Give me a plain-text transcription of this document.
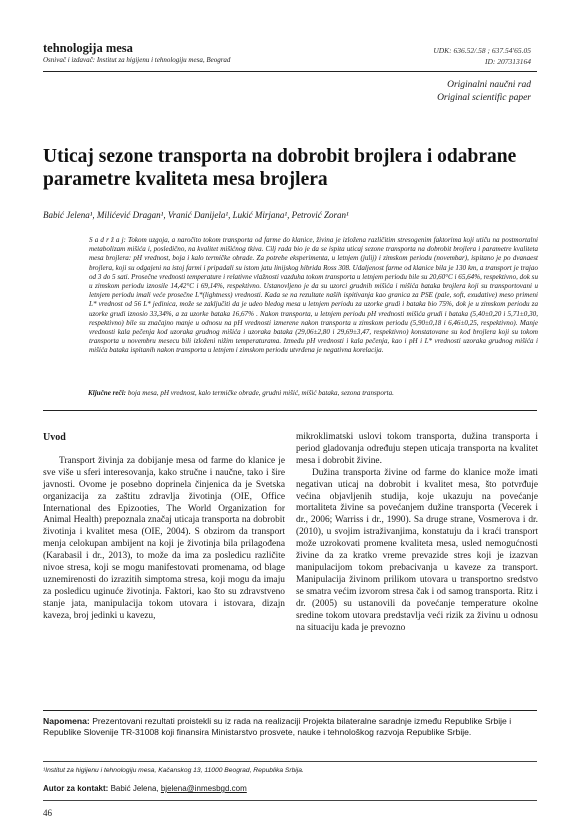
tehnologija mesa
Osnivač i izdavač: Institut za higijenu i tehnologiju mesa, Beograd
UDK: 636.52/.58 ; 637.54'65.05
ID: 207313164
Originalni naučni rad
Original scientific paper
Uticaj sezone transporta na dobrobit brojlera i odabrane parametre kvaliteta mesa brojlera
Babić Jelena¹, Milićević Dragan¹, Vranić Danijela¹, Lukić Mirjana¹, Petrović Zoran¹
S a d r ž a j: Tokom uzgoja, a naročito tokom transporta od farme do klanice, živina je izložena različitim stresogenim faktorima koji utiču na postmortalni metabolizam mišića i, posledično, na kvalitet mišićnog tkiva. Cilj rada bio je da se ispita uticaj sezone transporta na dobrobit brojlera i parametre kvaliteta mesa brojlera: pH vrednost, boja i kalo termičke obrade. Za potrebe eksperimenta, u letnjem (julij) i zimskom periodu (novembar), ispitano je po dvanaest brojlera, koji su odgajeni na istoj farmi i pripadali su istom jatu linijskog hibrida Ross 308. Udaljenost farme od klanice bila je 130 km, a transport je trajao od 3 do 5 sati. Prosečne vrednosti temperature i relativne vlažnosti vazduha tokom transporta u letnjem periodu bile su 20,60°C i 65,64%, respektivno, dok su u zimskom periodu iznosile 14,42°C i 69,14%, respektivno. Ustanovljeno je da su uzorci grudnih mišića i mišića bataka brojlera koji su transportovani u letnjem periodu imali veće prosečne L*(lightness) vrednosti. Kada se na rezultate naših ispitivanja kao granica za PSE (pale, soft, exudative) meso primeni L* vrednost od 56 L* jedinica, može se zaključiti da je udeo bledog mesa u letnjem periodu za uzorke grudi i bataka bio 75%, dok je u zimskom periodu za uzorke grudi iznosio 33,34%, a za uzorke bataka 16,67% . Nakon transporta, u letnjem periodu pH vrednosti mišića grudi i bataka (5,40±0,20 i 5,71±0,30, respektivno) bile su značajno manje u odnosu na pH vrednosti izmerene nakon transporta u zimskom periodu (5,90±0,18 i 6,46±0,25, respektivno). Manje vrednosti kala pečenja kod uzoraka grudnog mišića i uzoraka bataka (29,06±2,80 i 29,69±3,47, respektivno) konstatovane su kod brojlera koji su tokom transporta u novembru mesecu bili izloženi nižim temperaturama. Između pH vrednosti i kala pečenja, kao i pH i L* vrednosti uzoraka grudnog mišića i mišića bataka ispitanih nakon transporta u letnjem i zimskom periodu utvrđena je negativna korelacija.
Ključne reči: boja mesa, pH vrednost, kalo termičke obrade, grudni mišić, mišić bataka, sezona transporta.

Uvod

Transport živinja za dobijanje mesa od farme do klanice je sve više u sferi interesovanja, kako stručne i naučne, tako i šire javnosti. Ovome je posebno doprinela činjenica da je Svetska organizacija za zaštitu zdravlja životinja (OIE, Office International des Epizooties, The World Organization for Animal Health) prepoznala značaj uticaja transporta na dobrobit životinja i kvalitet mesa (OIE, 2004). S obzirom da transport menja celokupan ambijent na koji je životinja bila prilagođena (Karabasil i dr., 2013), to može da ima za posledicu različite nivoe stresa, koji se mogu manifestovati promenama, od blage uznemirenosti do izrazitih simptoma stresa, koji mogu da imaju za posledicu uginuće životinja. Faktori, kao što su zdravstveno stanje jata, manipulacija tokom utovara i istovara, dizajn kaveza, broj jedinki u kavezu,

mikroklimatski uslovi tokom transporta, dužina transporta i period gladovanja određuju stepen uticaja transporta na kvalitet mesa i dobrobit živine.

Dužina transporta živine od farme do klanice može imati negativan uticaj na dobrobit i kvalitet mesa, što potvrđuje većina objavljenih studija, koje ukazuju na povećanje mortaliteta živine sa povećanjem dužine transporta (Vecerek i dr., 2006; Warriss i dr., 1990). Sa druge strane, Vosmerova i dr. (2010), u svojim istraživanjima, konstatuju da i kraći transport može uzrokovati promene kvaliteta mesa, usled nemogućnosti živine da za kratko vreme prevazide stres koji je izazvan manipulacijom tokom prebacivanja u kaveze za transport. Manipulacija živinom prilikom utovara u transportno sredstvo se smatra većim izvorom stresa čak i od samog transporta. Ritz i dr. (2005) su ustanovili da povećanje temperature okolne sredine tokom utovara predstavlja veći rizik za živinu u odnosu na situaciju kada je prevozno

Napomena: Prezentovani rezultati proistekli su iz rada na realizaciji Projekta bilateralne saradnje između Republike Srbije i Republike Slovenije TR-31008 koji finansira Ministarstvo prosvete, nauke i tehnološkog razvoja Republike Srbije.
¹Institut za higijenu i tehnologiju mesa, Kačanskog 13, 11000 Beograd, Republika Srbija.
Autor za kontakt: Babić Jelena, bjelena@inmesbgd.com
46
